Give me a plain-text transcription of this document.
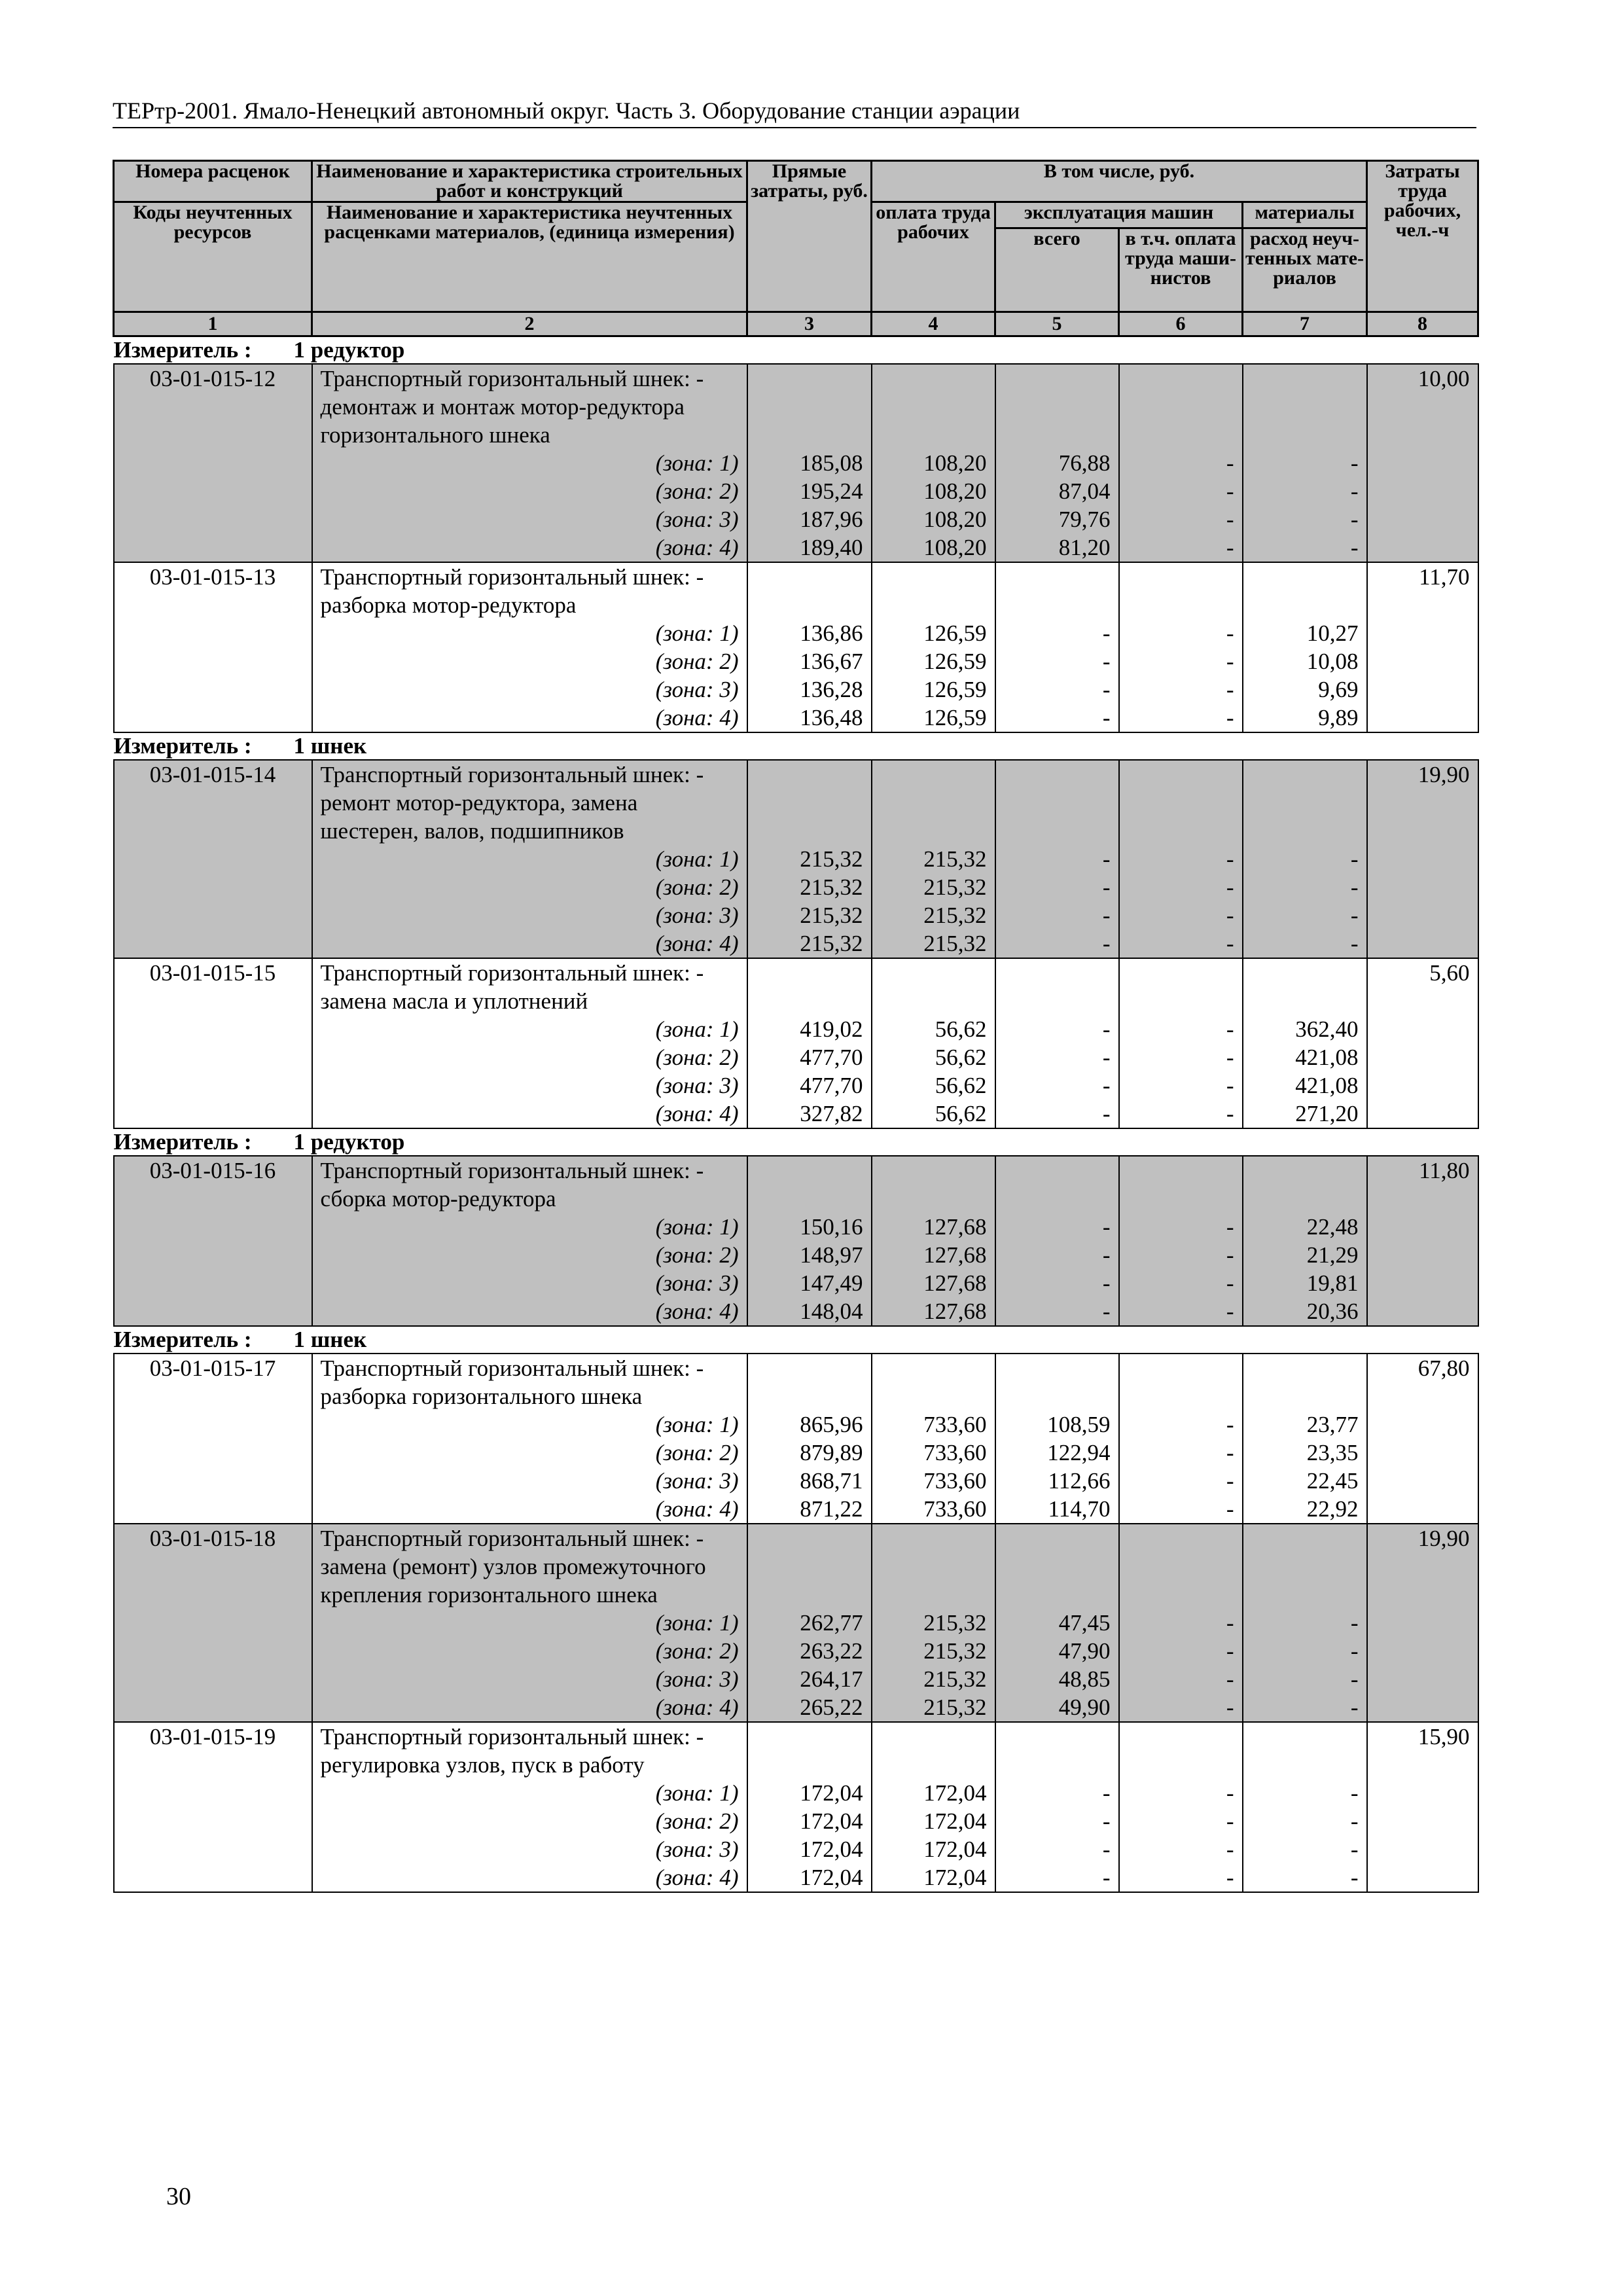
ТЕРтр-2001. Ямало-Ненецкий автономный округ. Часть 3. Оборудование станции аэрации
Номера расценок	Наименование и характеристика строительных работ и конструкций	Прямые затраты, руб.	В том числе, руб.				Затраты труда рабочих, чел.-ч
Коды неучтенных ресурсов	Наименование и характеристика неучтенных расценками материалов, (единица измерения)		оплата труда рабочих	эксплуатация машин		материалы	
				всего	в т.ч. оплата труда маши- нистов	расход неуч- тенных мате- риалов	

1	2	3	4	5	6	7	8
Измеритель : 1 редуктор							
03-01-015-12	Транспортный горизонтальный шнек: -						10,00
	демонтаж и монтаж мотор-редуктора						
	горизонтального шнека						
	(зона: 1)	185,08	108,20	76,88	-	-	
	(зона: 2)	195,24	108,20	87,04	-	-	
	(зона: 3)	187,96	108,20	79,76	-	-	
	(зона: 4)	189,40	108,20	81,20	-	-	
03-01-015-13	Транспортный горизонтальный шнек: -						11,70
	разборка мотор-редуктора						
	(зона: 1)	136,86	126,59	-	-	10,27	
	(зона: 2)	136,67	126,59	-	-	10,08	
	(зона: 3)	136,28	126,59	-	-	9,69	
	(зона: 4)	136,48	126,59	-	-	9,89	
Измеритель : 1 шнек							
03-01-015-14	Транспортный горизонтальный шнек: -						19,90
	ремонт мотор-редуктора, замена						
	шестерен, валов, подшипников						
	(зона: 1)	215,32	215,32	-	-	-	
	(зона: 2)	215,32	215,32	-	-	-	
	(зона: 3)	215,32	215,32	-	-	-	
	(зона: 4)	215,32	215,32	-	-	-	
03-01-015-15	Транспортный горизонтальный шнек: -						5,60
	замена масла и уплотнений						
	(зона: 1)	419,02	56,62	-	-	362,40	
	(зона: 2)	477,70	56,62	-	-	421,08	
	(зона: 3)	477,70	56,62	-	-	421,08	
	(зона: 4)	327,82	56,62	-	-	271,20	
Измеритель : 1 редуктор							
03-01-015-16	Транспортный горизонтальный шнек: -						11,80
	сборка мотор-редуктора						
	(зона: 1)	150,16	127,68	-	-	22,48	
	(зона: 2)	148,97	127,68	-	-	21,29	
	(зона: 3)	147,49	127,68	-	-	19,81	
	(зона: 4)	148,04	127,68	-	-	20,36	
Измеритель : 1 шнек							
03-01-015-17	Транспортный горизонтальный шнек: -						67,80
	разборка горизонтального шнека						
	(зона: 1)	865,96	733,60	108,59	-	23,77	
	(зона: 2)	879,89	733,60	122,94	-	23,35	
	(зона: 3)	868,71	733,60	112,66	-	22,45	
	(зона: 4)	871,22	733,60	114,70	-	22,92	
03-01-015-18	Транспортный горизонтальный шнек: -						19,90
	замена (ремонт) узлов промежуточного						
	крепления горизонтального шнека						
	(зона: 1)	262,77	215,32	47,45	-	-	
	(зона: 2)	263,22	215,32	47,90	-	-	
	(зона: 3)	264,17	215,32	48,85	-	-	
	(зона: 4)	265,22	215,32	49,90	-	-	
03-01-015-19	Транспортный горизонтальный шнек: -						15,90
	регулировка узлов, пуск в работу						
	(зона: 1)	172,04	172,04	-	-	-	
	(зона: 2)	172,04	172,04	-	-	-	
	(зона: 3)	172,04	172,04	-	-	-	
	(зона: 4)	172,04	172,04	-	-	-	
30
